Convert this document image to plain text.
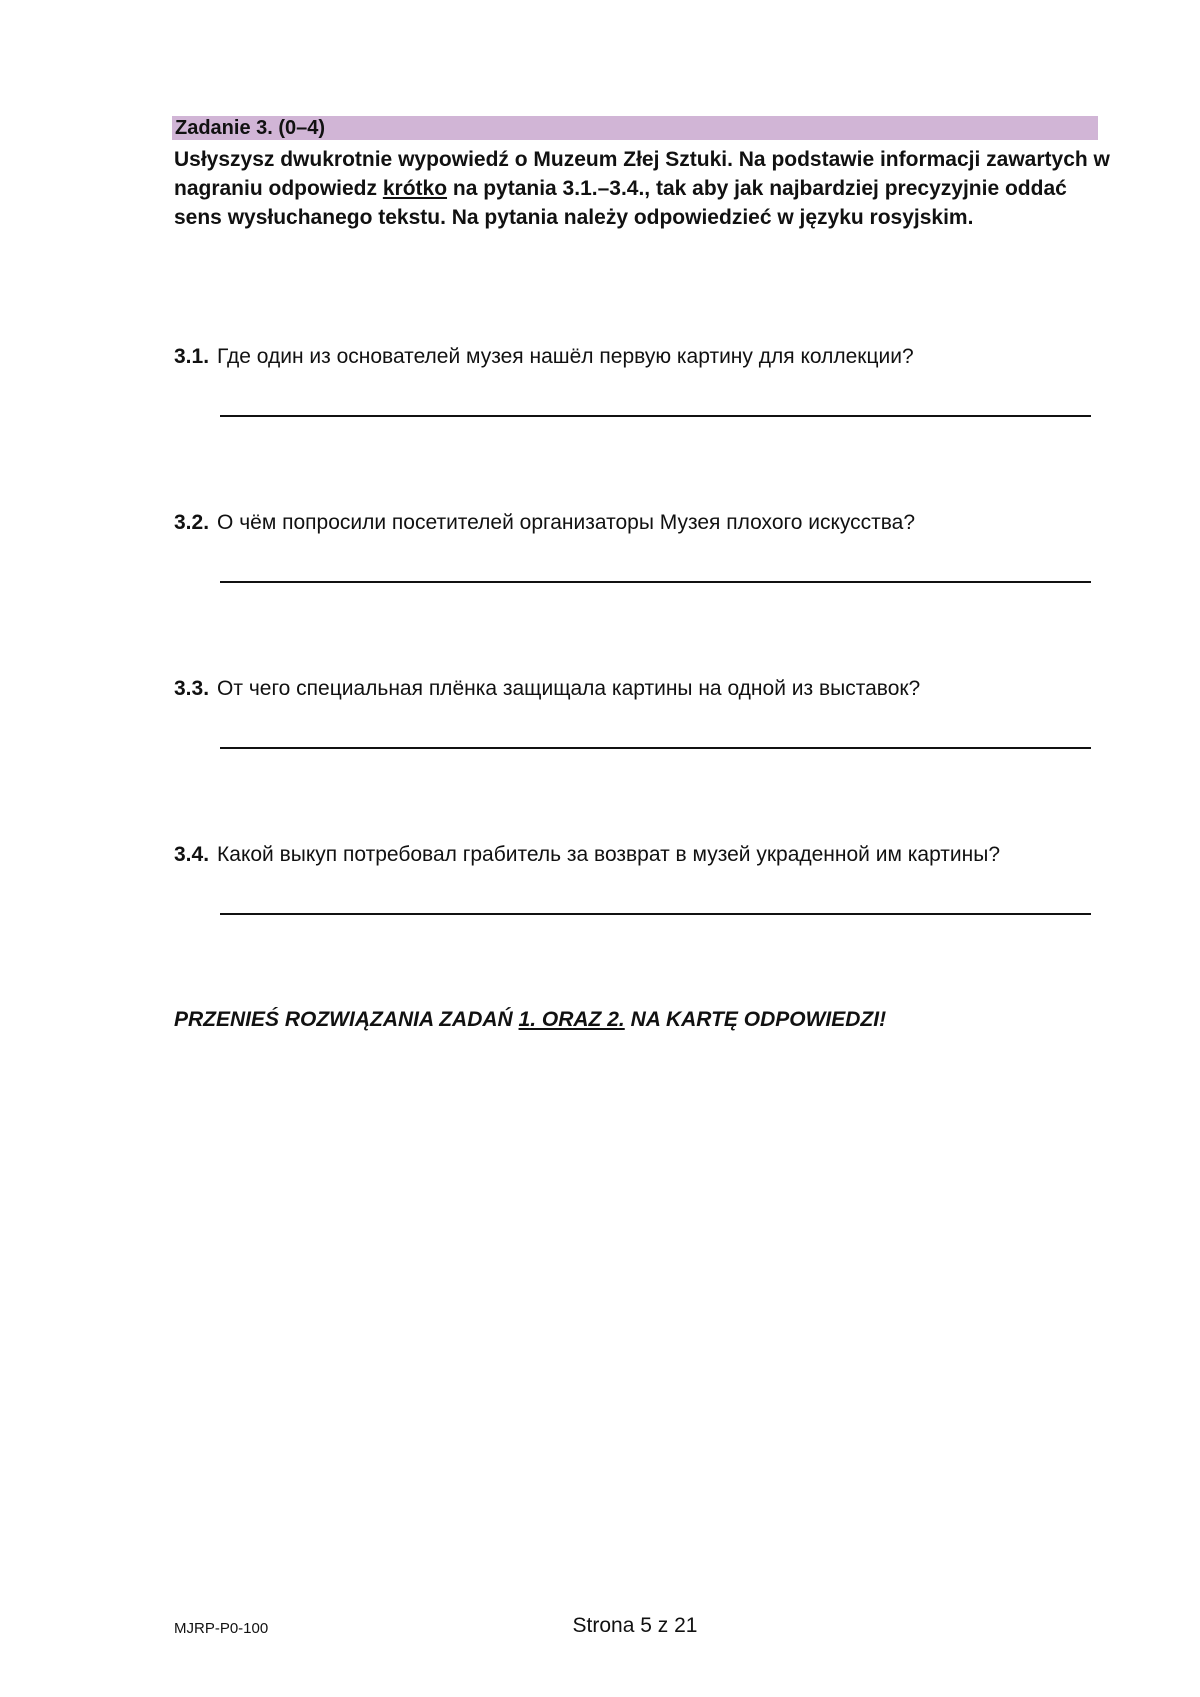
Zadanie 3. (0–4)
Usłyszysz dwukrotnie wypowiedź o Muzeum Złej Sztuki. Na podstawie informacji zawartych w nagraniu odpowiedz krótko na pytania 3.1.–3.4., tak aby jak najbardziej precyzyjnie oddać sens wysłuchanego tekstu. Na pytania należy odpowiedzieć w języku rosyjskim.
3.1. Где один из основателей музея нашёл первую картину для коллекции?
3.2. О чём попросили посетителей организаторы Музея плохого искусства?
3.3. От чего специальная плёнка защищала картины на одной из выставок?
3.4. Какой выкуп потребовал грабитель за возврат в музей украденной им картины?
PRZENIEŚ ROZWIĄZANIA ZADAŃ 1. ORAZ 2. NA KARTĘ ODPOWIEDZI!
MJRP-P0-100	Strona 5 z 21
